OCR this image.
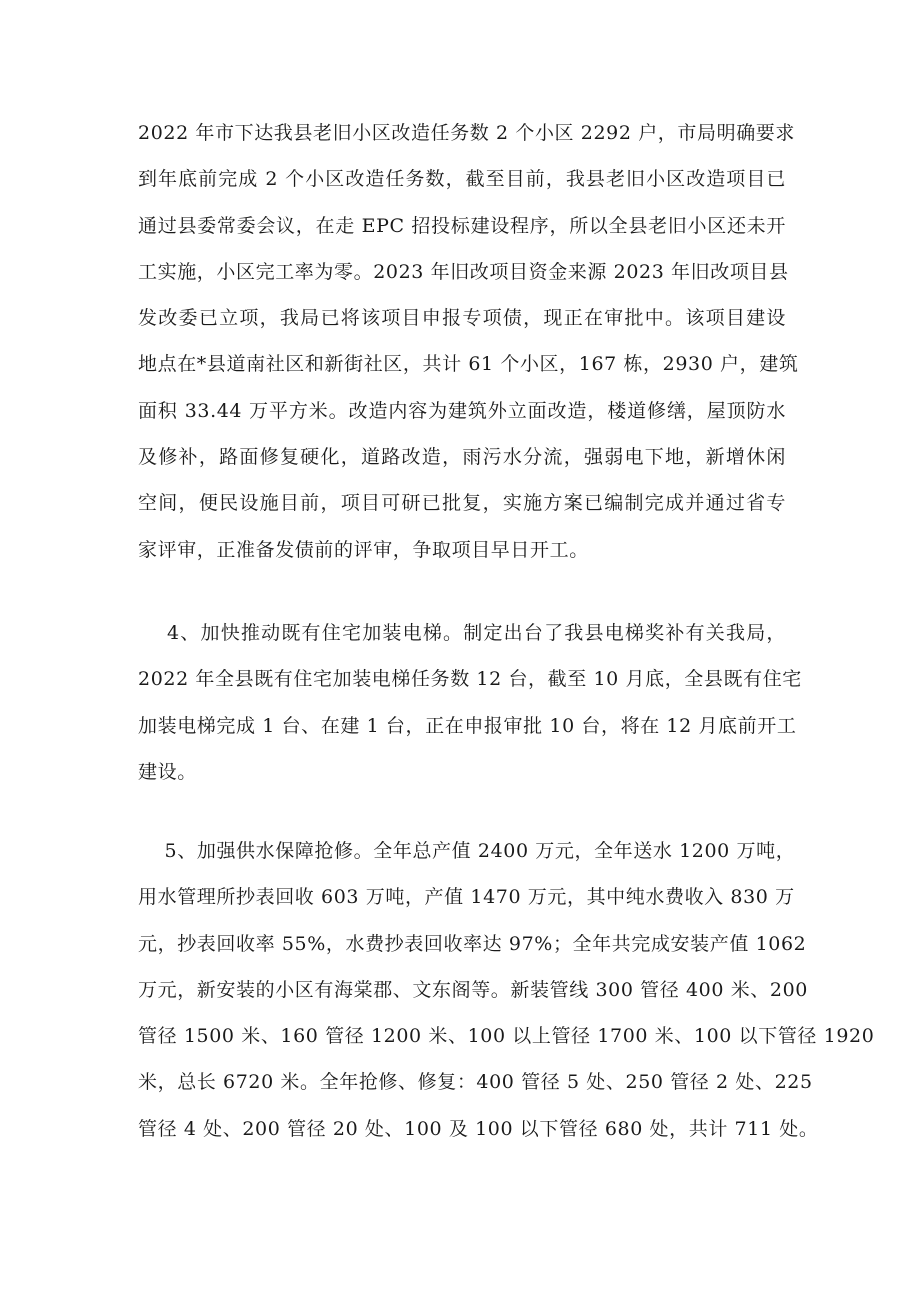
2022 年市下达我县老旧小区改造任务数 2 个小区 2292 户，市局明确要求
到年底前完成 2 个小区改造任务数，截至目前，我县老旧小区改造项目已
通过县委常委会议，在走 EPC 招投标建设程序，所以全县老旧小区还未开
工实施，小区完工率为零。2023 年旧改项目资金来源 2023 年旧改项目县
发改委已立项，我局已将该项目申报专项债，现正在审批中。该项目建设
地点在*县道南社区和新街社区，共计 61 个小区，167 栋，2930 户，建筑
面积 33.44 万平方米。改造内容为建筑外立面改造，楼道修缮，屋顶防水
及修补，路面修复硬化，道路改造，雨污水分流，强弱电下地，新增休闲
空间，便民设施目前，项目可研已批复，实施方案已编制完成并通过省专
家评审，正准备发债前的评审，争取项目早日开工。
4、加快推动既有住宅加装电梯。制定出台了我县电梯奖补有关我局，
2022 年全县既有住宅加装电梯任务数 12 台，截至 10 月底，全县既有住宅
加装电梯完成 1 台、在建 1 台，正在申报审批 10 台，将在 12 月底前开工
建设。
5、加强供水保障抢修。全年总产值 2400 万元，全年送水 1200 万吨，
用水管理所抄表回收 603 万吨，产值 1470 万元，其中纯水费收入 830 万
元，抄表回收率 55%，水费抄表回收率达 97%；全年共完成安装产值 1062
万元，新安装的小区有海棠郡、文东阁等。新装管线 300 管径 400 米、200
管径 1500 米、160 管径 1200 米、100 以上管径 1700 米、100 以下管径 1920
米，总长 6720 米。全年抢修、修复：400 管径 5 处、250 管径 2 处、225
管径 4 处、200 管径 20 处、100 及 100 以下管径 680 处，共计 711 处。
